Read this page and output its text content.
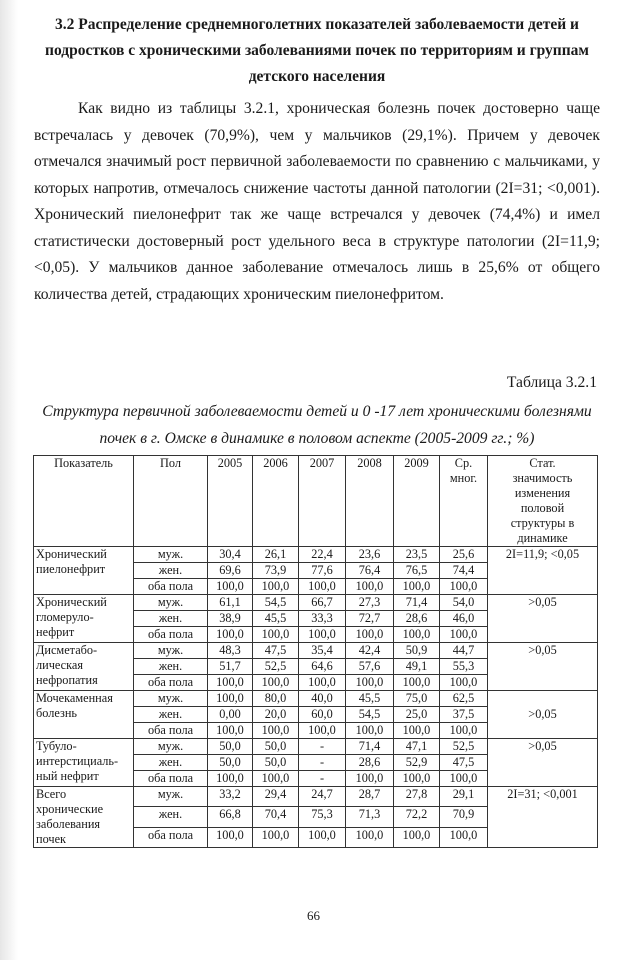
3.2 Распределение среднемноголетних показателей заболеваемости детей и подростков с хроническими заболеваниями почек по территориям и группам детского населения
Как видно из таблицы 3.2.1, хроническая болезнь почек достоверно чаще встречалась у девочек (70,9%), чем у мальчиков (29,1%). Причем у девочек отмечался значимый рост первичной заболеваемости по сравнению с мальчиками, у которых напротив, отмечалось снижение частоты данной патологии (2I=31; <0,001). Хронический пиелонефрит так же чаще встречался у девочек (74,4%) и имел статистически достоверный рост удельного веса в структуре патологии (2I=11,9; <0,05). У мальчиков данное заболевание отмечалось лишь в 25,6% от общего количества детей, страдающих хроническим пиелонефритом.
Таблица 3.2.1
Структура первичной заболеваемости детей и 0 -17 лет хроническими болезнями почек в г. Омске в динамике в половом аспекте (2005-2009 гг.; %)
Показатель	Пол	2005	2006	2007	2008	2009	Ср. мног.	Стат. значимость изменения половой структуры в динамике
Хронический пиелонефрит	муж.	30,4	26,1	22,4	23,6	23,5	25,6	2I=11,9; <0,05
	жен.	69,6	73,9	77,6	76,4	76,5	74,4	
	оба пола	100,0	100,0	100,0	100,0	100,0	100,0	
Хронический гломеруло-нефрит	муж.	61,1	54,5	66,7	27,3	71,4	54,0	>0,05
	жен.	38,9	45,5	33,3	72,7	28,6	46,0	
	оба пола	100,0	100,0	100,0	100,0	100,0	100,0	
Дисметабо-лическая нефропатия	муж.	48,3	47,5	35,4	42,4	50,9	44,7	>0,05
	жен.	51,7	52,5	64,6	57,6	49,1	55,3	
	оба пола	100,0	100,0	100,0	100,0	100,0	100,0	
Мочекаменная болезнь	муж.	100,0	80,0	40,0	45,5	75,0	62,5	>0,05
	жен.	0,00	20,0	60,0	54,5	25,0	37,5	
	оба пола	100,0	100,0	100,0	100,0	100,0	100,0	
Тубуло-интерстициаль-ный нефрит	муж.	50,0	50,0	-	71,4	47,1	52,5	>0,05
	жен.	50,0	50,0	-	28,6	52,9	47,5	
	оба пола	100,0	100,0	-	100,0	100,0	100,0	
Всего хронические заболевания почек	муж.	33,2	29,4	24,7	28,7	27,8	29,1	2I=31; <0,001
	жен.	66,8	70,4	75,3	71,3	72,2	70,9	
	оба пола	100,0	100,0	100,0	100,0	100,0	100,0	
66
